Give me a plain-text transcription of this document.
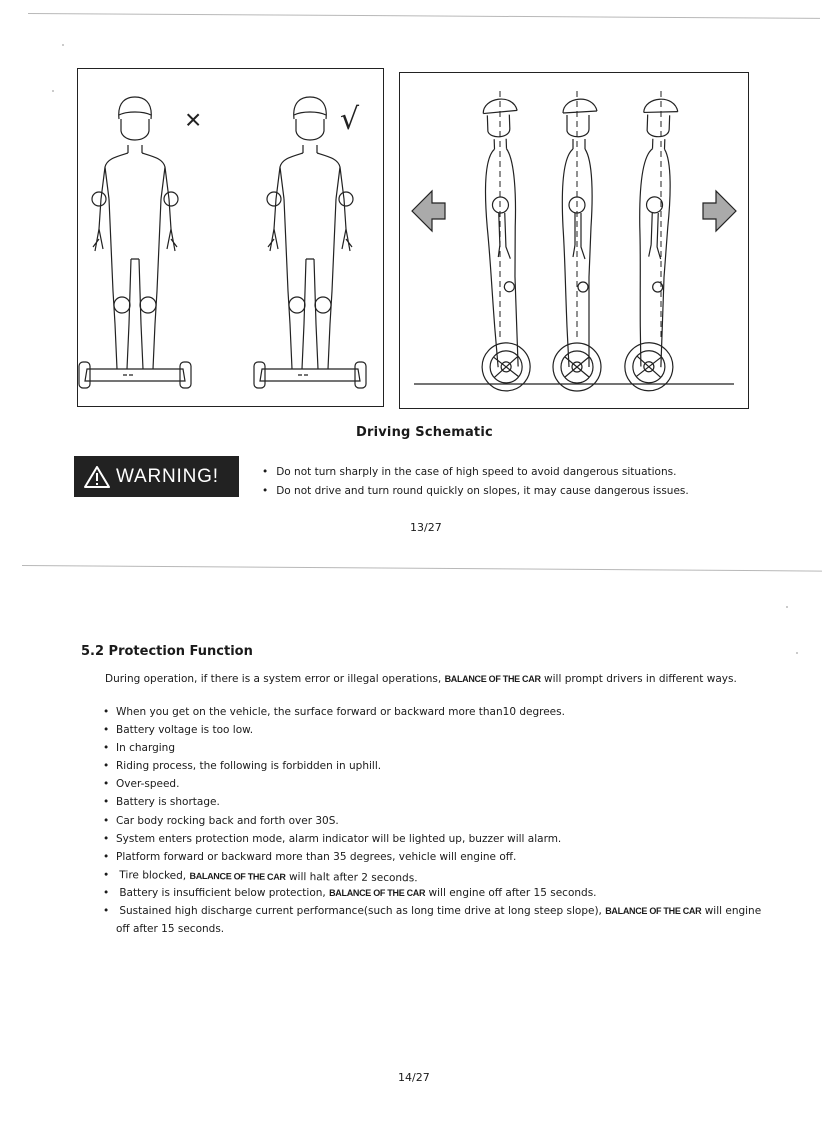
×	√
Driving Schematic
WARNING!
•	Do not turn sharply in the case of high speed to avoid dangerous situations.
• Do not drive and turn round quickly on slopes, it may cause dangerous issues.
13/27
5.2 Protection Function
During operation, if there is a system error or illegal operations, BALANCE OF THE CAR will prompt drivers in different ways.
• When you get on the vehicle, the surface forward or backward more than10 degrees.
• Battery voltage is too low.
• In charging
• Riding process, the following is forbidden in uphill.
• Over-speed.
• Battery is shortage.
• Car body rocking back and forth over 30S.
• System enters protection mode, alarm indicator will be lighted up, buzzer will alarm.
• Platform forward or backward more than 35 degrees, vehicle will engine off.
• Tire blocked, BALANCE OF THE CAR will halt after 2 seconds.
• Battery is insufficient below protection, BALANCE OF THE CAR will engine off after 15 seconds.
• Sustained high discharge current performance(such as long time drive at long steep slope), BALANCE OF THE CAR will engine off after 15 seconds.
14/27
